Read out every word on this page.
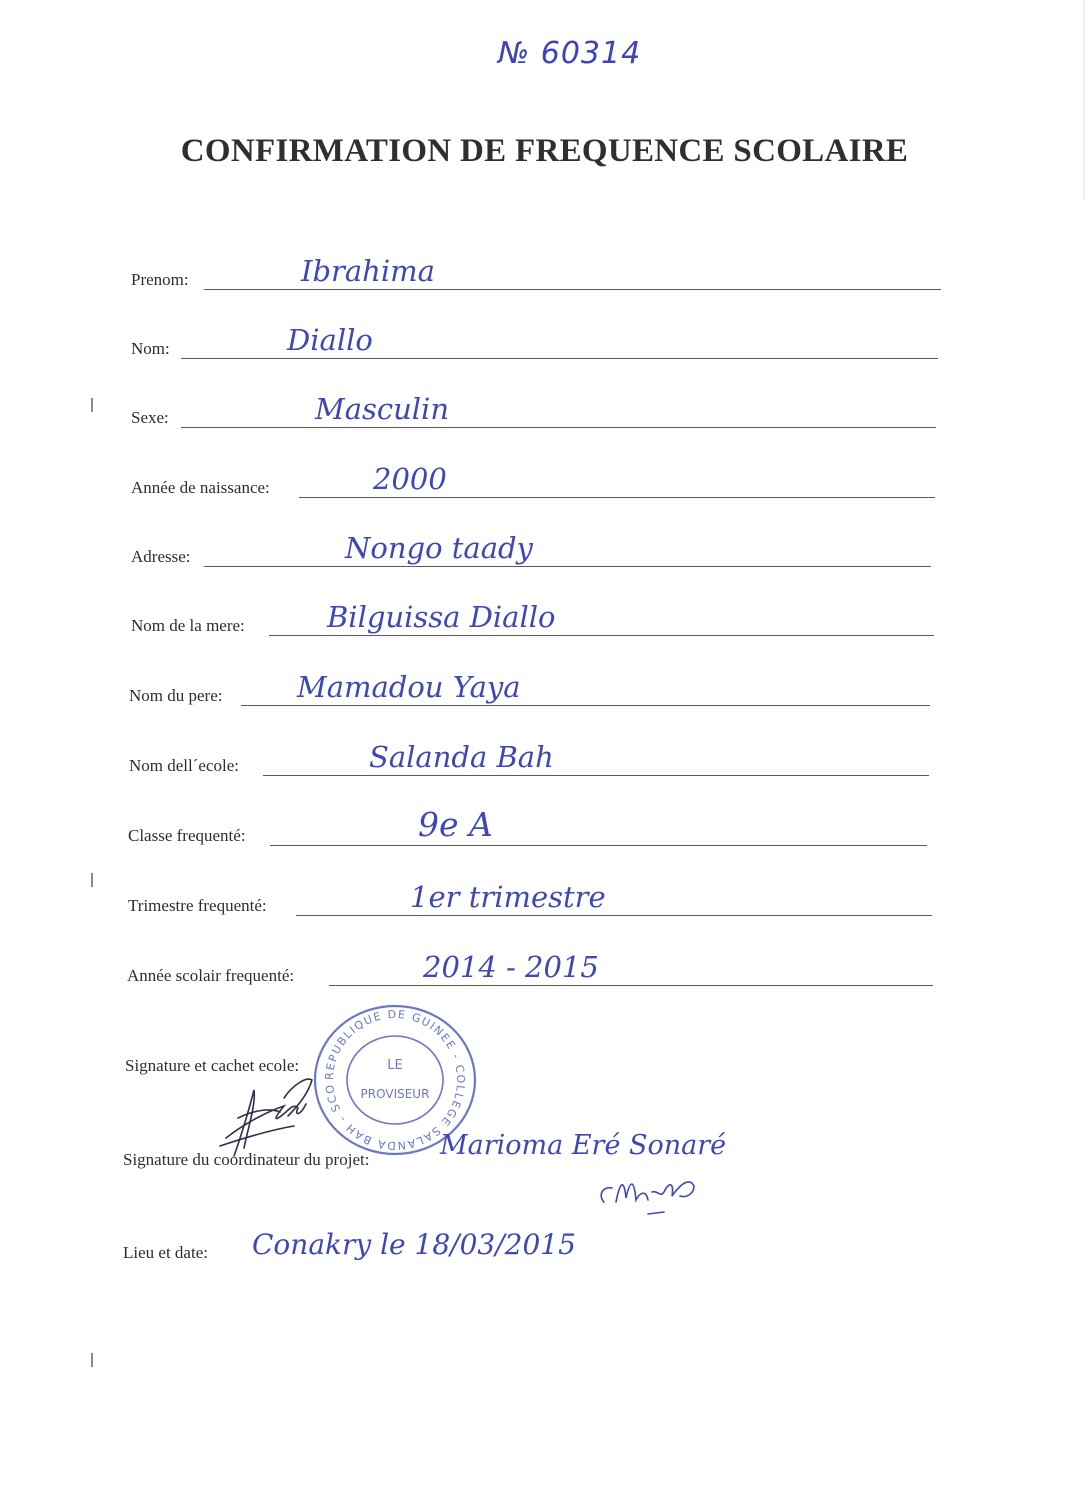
№ 60314
CONFIRMATION DE FREQUENCE SCOLAIRE
Prenom:	Ibrahima
Nom:	Diallo
Sexe:	Masculin
Année de naissance:	2000
Adresse:	Nongo taady
Nom de la mere:	Bilguissa Diallo
Nom du pere:	Mamadou Yaya
Nom dell´ecole:	Salanda Bah
Classe frequenté:	9e A
Trimestre frequenté:	1er trimestre
Année scolair frequenté:	2014 - 2015
Signature et cachet ecole:
REPUBLIQUE DE GUINEE - COLLEGE SALANDA BAH - SCO
LE
PROVISEUR
Signature du coordinateur du projet:	Marioma Eré Sonaré
Lieu et date: Conakry le 18/03/2015
